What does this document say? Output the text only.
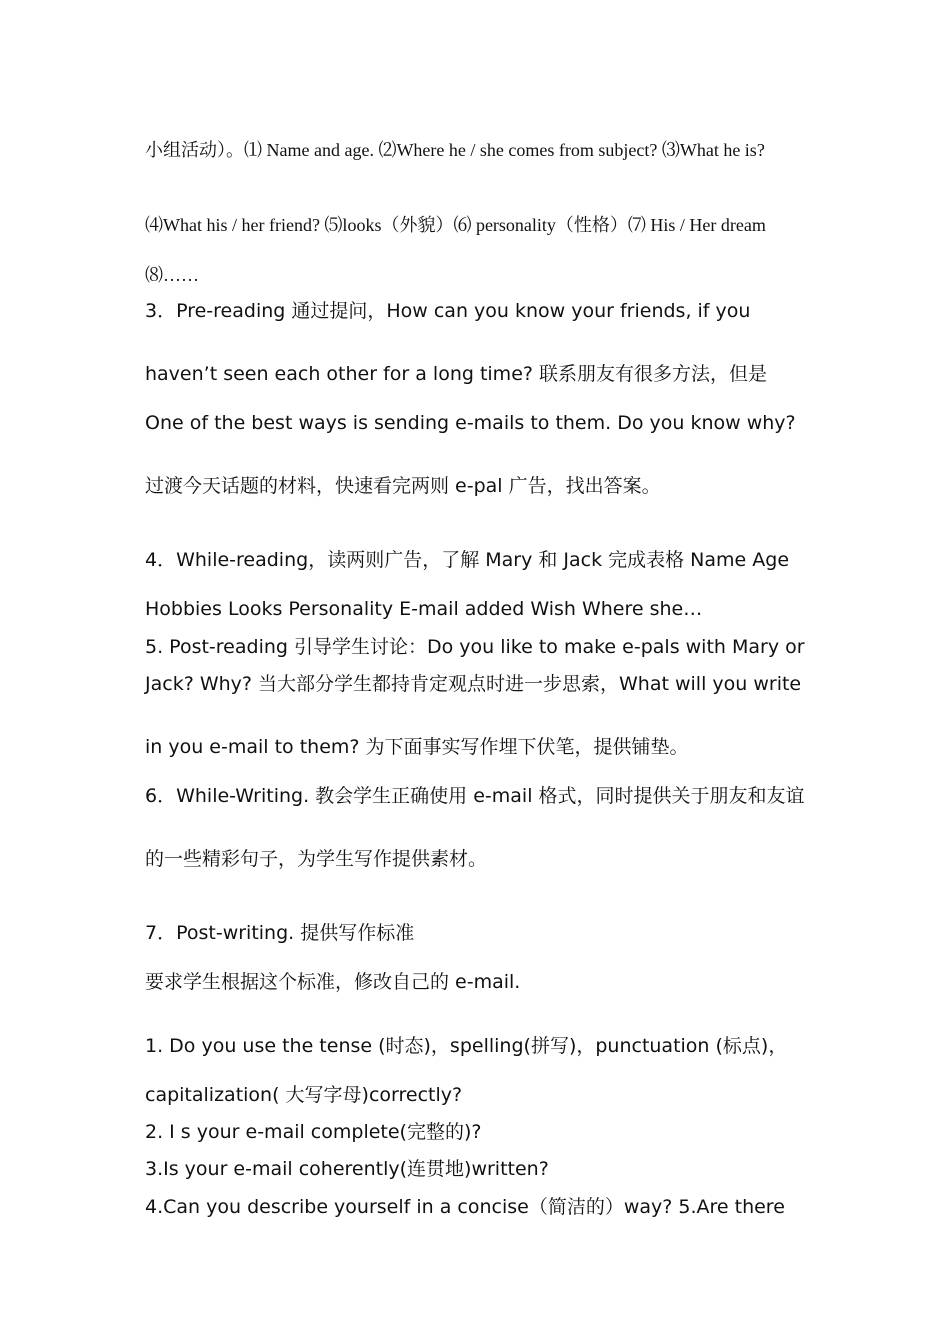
小组活动）。⑴ Name and age. ⑵Where he / she comes from subject? ⑶What he is?
⑷What his / her friend? ⑸looks（外貌）⑹ personality（性格）⑺ His / Her dream
⑻……
3．Pre-reading 通过提问，How can you know your friends, if you
haven’t seen each other for a long time? 联系朋友有很多方法，但是
One of the best ways is sending e-mails to them. Do you know why?
过渡今天话题的材料，快速看完两则 e-pal 广告，找出答案。
4．While-reading，读两则广告，了解 Mary 和 Jack 完成表格 Name Age
Hobbies Looks Personality E-mail added Wish Where she…
5. Post-reading 引导学生讨论：Do you like to make e-pals with Mary or
Jack? Why? 当大部分学生都持肯定观点时进一步思索，What will you write
in you e-mail to them? 为下面事实写作埋下伏笔，提供铺垫。
6．While-Writing. 教会学生正确使用 e-mail 格式，同时提供关于朋友和友谊
的一些精彩句子，为学生写作提供素材。
7．Post-writing. 提供写作标准
要求学生根据这个标准，修改自己的 e-mail.
1. Do you use the tense (时态)，spelling(拼写)，punctuation (标点)，
capitalization( 大写字母)correctly?
2. I s your e-mail complete(完整的)?
3.Is your e-mail coherently(连贯地)written?
4.Can you describe yourself in a concise（简洁的）way? 5.Are there
